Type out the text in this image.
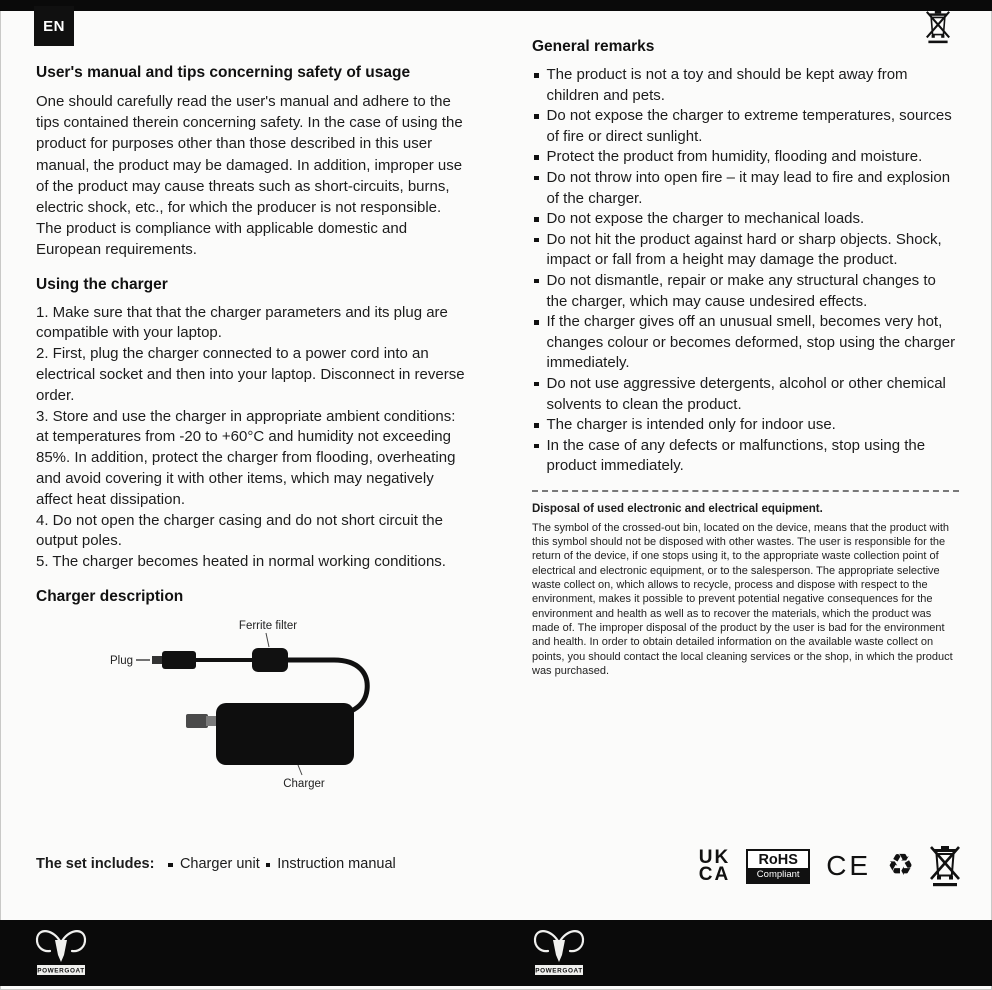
EN
User's manual and tips concerning safety of usage

One should carefully read the user's manual and adhere to the tips contained therein concerning safety. In the case of using the product for purposes other than those described in this user manual, the product may be damaged. In addition, improper use of the product may cause threats such as short-circuits, burns, electric shock, etc., for which the producer is not responsible. The product is compliance with applicable domestic and European requirements.

Using the charger

1. Make sure that that the charger parameters and its plug are compatible with your laptop.

2. First, plug the charger connected to a power cord into an electrical socket and then into your laptop. Disconnect in reverse order.

3. Store and use the charger in appropriate ambient conditions: at temperatures from -20 to +60°C and humidity not exceeding 85%. In addition, protect the charger from flooding, overheating and avoid covering it with other items, which may negatively affect heat dissipation.

4. Do not open the charger casing and do not short circuit the output poles.

5. The charger becomes heated in normal working conditions.

Charger description
Ferrite filter
Plug
Charger
The set includes: Charger unit Instruction manual
General remarks
The product is not a toy and should be kept away from children and pets.
Do not expose the charger to extreme temperatures, sources of fire or direct sunlight.
Protect the product from humidity, flooding and moisture.
Do not throw into open fire – it may lead to fire and explosion of the charger.
Do not expose the charger to mechanical loads.
Do not hit the product against hard or sharp objects. Shock, impact or fall from a height may damage the product.
Do not dismantle, repair or make any structural changes to the charger, which may cause undesired effects.
If the charger gives off an unusual smell, becomes very hot, changes colour or becomes deformed, stop using the charger immediately.
Do not use aggressive detergents, alcohol or other chemical solvents to clean the product.
The charger is intended only for indoor use.
In the case of any defects or malfunctions, stop using the product immediately.
Disposal of used electronic and electrical equipment.

The symbol of the crossed-out bin, located on the device, means that the product with this symbol should not be disposed with other wastes. The user is responsible for the return of the device, if one stops using it, to the appropriate waste collection point of electrical and electronic equipment, or to the salesperson. The appropriate selective waste collect on, which allows to recycle, process and dispose with respect to the environment, makes it possible to prevent potential negative consequences for the environment and health as well as to recover the materials, which the product was made of. The improper disposal of the product by the user is bad for the environment and health. In order to obtain detailed information on the available waste collect on points, you should contact the local cleaning services or the shop, in which the product was purchased.

UK
CA
RoHS
Compliant CE ♻
POWERGOAT	POWERGOAT
